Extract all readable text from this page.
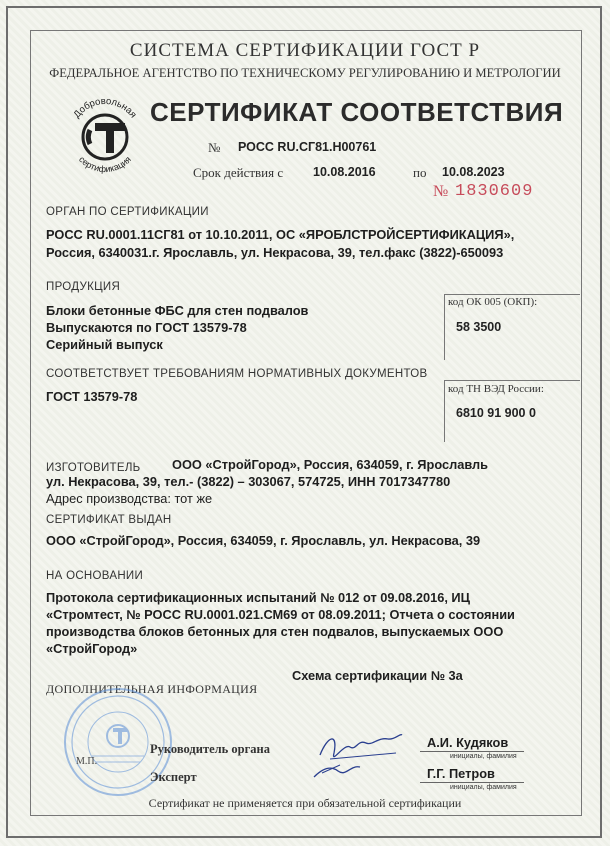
СИСТЕМА СЕРТИФИКАЦИИ ГОСТ Р
ФЕДЕРАЛЬНОЕ АГЕНТСТВО ПО ТЕХНИЧЕСКОМУ РЕГУЛИРОВАНИЮ И МЕТРОЛОГИИ
Добровольная
сертификация
СЕРТИФИКАТ СООТВЕТСТВИЯ
№ РОСС RU.СГ81.Н00761
Срок действия с 10.08.2016	по 10.08.2023
№ 1830609
ОРГАН ПО СЕРТИФИКАЦИИ
РОСС RU.0001.11СГ81 от 10.10.2011, ОС «ЯРОБЛСТРОЙСЕРТИФИКАЦИЯ»,
Россия, 6340031.г. Ярославль, ул. Некрасова, 39, тел.факс (3822)-650093
ПРОДУКЦИЯ
Блоки бетонные ФБС для стен подвалов
Выпускаются по ГОСТ 13579-78
Серийный выпуск
код ОК 005 (ОКП):
58 3500
СООТВЕТСТВУЕТ ТРЕБОВАНИЯМ НОРМАТИВНЫХ ДОКУМЕНТОВ
ГОСТ 13579-78	код ТН ВЭД России:
6810 91 900 0
ИЗГОТОВИТЕЛЬ ООО «СтройГород», Россия, 634059, г. Ярославль
ул. Некрасова, 39, тел.- (3822) – 303067, 574725, ИНН 7017347780
Адрес производства: тот же
СЕРТИФИКАТ ВЫДАН
ООО «СтройГород», Россия, 634059, г. Ярославль, ул. Некрасова, 39
НА ОСНОВАНИИ
Протокола сертификационных испытаний № 012 от 09.08.2016, ИЦ
«Стромтест, № РОСС RU.0001.021.СМ69 от 08.09.2011; Отчета о состоянии
производства блоков бетонных для стен подвалов, выпускаемых ООО
«СтройГород»
Схема сертификации № 3а
ДОПОЛНИТЕЛЬНАЯ ИНФОРМАЦИЯ
Руководитель органа
М.П.
Эксперт
А.И. Кудяков
инициалы, фамилия
Г.Г. Петров
инициалы, фамилия
Сертификат не применяется при обязательной сертификации
